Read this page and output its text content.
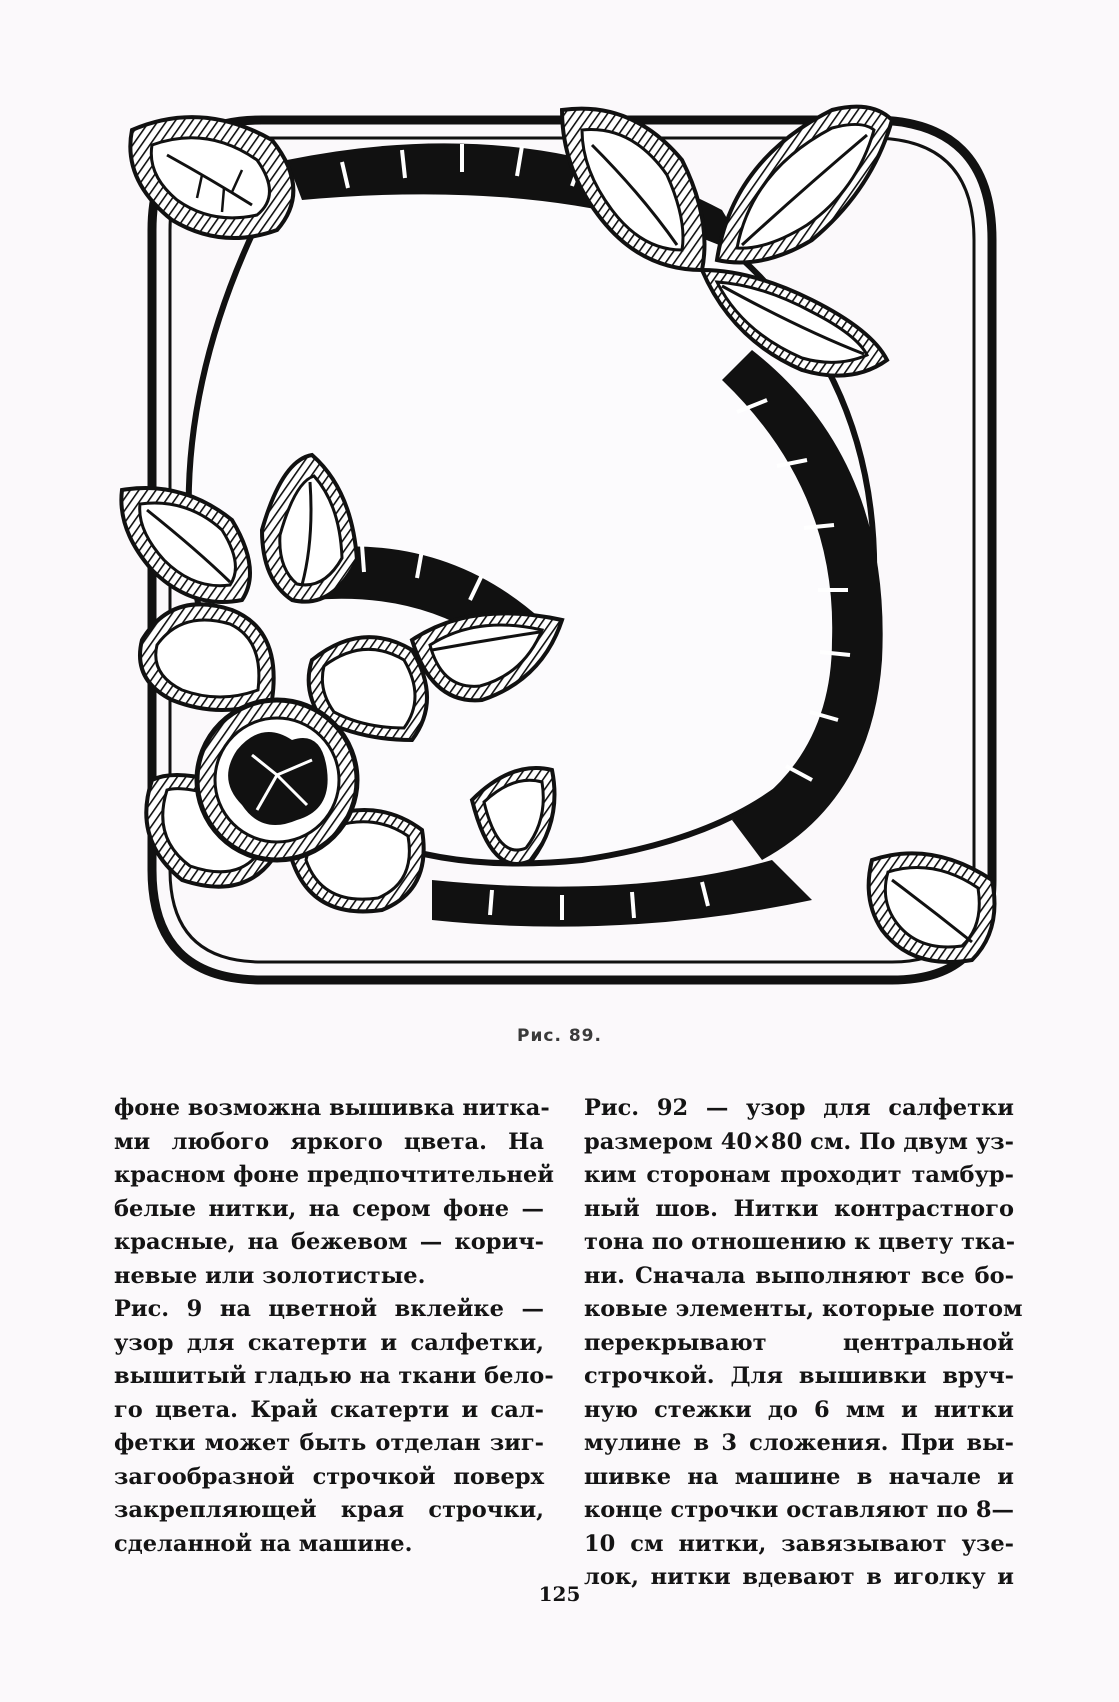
Рис. 89.

фоне возможна вышивка нитка-
ми любого яркого цвета. На
красном фоне предпочтительней
белые нитки, на сером фоне —
красные, на бежевом — корич-
невые или золотистые.
Рис. 9 на цветной вклейке —
узор для скатерти и салфетки,
вышитый гладью на ткани бело-
го цвета. Край скатерти и сал-
фетки может быть отделан зиг-
загообразной строчкой поверх
закрепляющей края строчки,
сделанной на машине.

Рис. 92 — узор для салфетки
размером 40×80 см. По двум уз-
ким сторонам проходит тамбур-
ный шов. Нитки контрастного
тона по отношению к цвету тка-
ни. Сначала выполняют все бо-
ковые элементы, которые потом
перекрывают центральной
строчкой. Для вышивки вруч-
ную стежки до 6 мм и нитки
мулине в 3 сложения. При вы-
шивке на машине в начале и
конце строчки оставляют по 8—
10 см нитки, завязывают узе-
лок, нитки вдевают в иголку и

125
